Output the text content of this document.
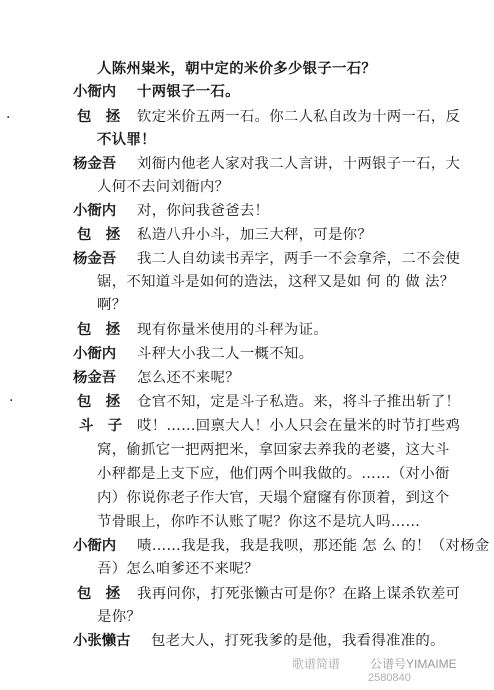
·
·
人陈州粜米，朝中定的米价多少银子一石？
小衙内 十两银子一石。
包　拯 钦定米价五两一石。你二人私自改为十两一石，反
不认罪！
杨金吾 刘衙内他老人家对我二人言讲，十两银子一石，大
人何不去问刘衙内？
小衙内 对，你问我爸爸去！
包　拯 私造八升小斗，加三大秤，可是你？
杨金吾 我二人自幼读书弄字，两手一不会拿斧，二不会使
锯，不知道斗是如何的造法，这秤又是如 何 的 做 法？
啊？
包　拯 现有你量米使用的斗秤为证。
小衙内 斗秤大小我二人一概不知。
杨金吾 怎么还不来呢？
包　拯 仓官不知，定是斗子私造。来，将斗子推出斩了！
斗　子 哎！……回禀大人！小人只会在量米的时节打些鸡
窝，偷抓它一把两把米，拿回家去养我的老婆，这大斗
小秤都是上支下应，他们两个叫我做的。……（对小衙
内）你说你老子作大官，天塌个窟窿有你顶着，到这个
节骨眼上，你咋不认账了呢？你这不是坑人吗……
小衙内 啧……我是我，我是我呗，那还能 怎 么 的！（对杨金
吾）怎么咱爹还不来呢？
包　拯 我再问你，打死张懒古可是你？在路上谋杀钦差可
是你？
小张懒古 包老大人，打死我爹的是他，我看得准准的。
歌谱简谱 公谱号YIMAIME
2580840
